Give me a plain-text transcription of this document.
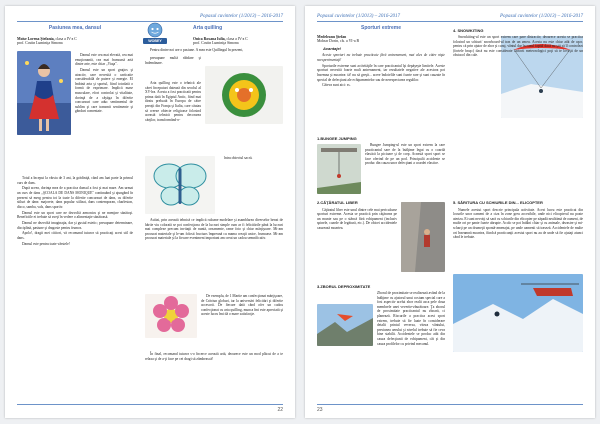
Popasul cuvintelor (1/2013) – 2016-2017
WOBEY
Pasiunea mea, dansul
Moise Lorena Ştefania, clasa a IV-a C
prof. Costin Luminiţa Simona

Dansul este cea mai elevată, cea mai emoţionantă, cea mai frumoasă artă dintre arte, este chiar „Viaţa".

Dansul este un sport graţios şi atractiv, care necesită o carticatie considerabilă de putere şi energie. El îmbină arta şi sportul, fiind totodată o formă de exprimare. Implică mase musculare, efort controlat şi vitalitate, dorinţă de a câştiga în diferite concursuri care aduc sentimentul de sublim şi care transmit sentimente şi gânduri comentate.

Totul a început la vârsta de 3 ani, la grădiniţă, când am luat parte la primul curs de dans.

După aceea, dorinţa mea de a practica dansul a fost şi mai mare. Am urmat un curs de dans „ŞCOALA DE DANS MONIQUE" continuând şi ajungând în prezent să merg pentru tot la toate la diferite concursuri de dans, cu diferite stiluri de dans: majorete, dans popular stilizat, dans contemporan, charleston, disco, samba, vals, dans sportiv.

Dansul este un sport care ne dezvoltă armonios şi ne menţine sănătoşi. Beneficiile ei trebuie să aveţi în vedere o alimentaţie sănătoasă.

Dansul ne dezvoltă imaginaţia, dar şi gustul estetic; presupune determinare, disciplină, pasiune şi dragoste pentru frumos.

Apolo!, dragii mei cititori, vă recomand tuturor să practicaţi acest stil de dans.

Dansul este pentru toate vârstele!

Arta quilling
Onica Roxana Iulia, clasa a IV-a C
prof. Costin Luminiţa Simona

Pentru dintre noi are o pasiune. A mea este Quillingul în prezent,

presupune multă răbdare şi îndemânare.

Arta quilling este o tehnică ale cărei începuturi datează din secolul al XV-lea. Acesta a fost practicată pentru prima dată în Egiptul Antic, fiind mai târziu preluată în Europa de către preoţii din Franţa şi Italia, care căutau să creeze obiecte religioase folosind această tehnică pentru decorarea cărţilor, transformând-o-

întru obiectul sacră.

Astăzi, prin această tehnică ce implică ruloane modelare şi asamblarea diverselor benzi de hârtie viu colorată se pot confecţiona de la lucruri simple cum ar fi felicitările până la lucruri mai complexe precum invitaţii de nuntă, ornamente, rame foto şi chiar mărţişoare. Mi-am procurat materiale şi le-am folosit fructuos împreună cu mama creaţii unice, frumoase. Mi-am procurat materiale şi la fiecare eveniment important am creat un cadou semnificativ.

De exemplu, de 1 Martie am confecţionat mărţişoare, de Crăciun globuri, iar la aniversări felicitări şi diferite accesorii. De fiecare dată când ofer un cadou confecţionat cu arta quilling, munca îmi este apreciată şi aceste lucru îmi dă o mare satisfacţie.

În final, recomand tuturor s-o încerce această artă, deoarece este un mod plăcut de a te relaxa şi de a-ţi face pe cei dragi să zâmbească!

22
Popasul cuvintelor (1/2013) – 2016-2017	Popasul cuvintelor (1/2013) – 2016-2017
Sporturi extreme
Medeleanu Ştefan
Molnar Dorin, cls. a VI-a B
Avantaje!

Aceste sporturi nu trebuie practicate fără antrenament, mai ales de către nişte neexperimentaţi!

Sporturile extreme sunt activităţile în care practicantul îşi depăşeşte limitele. Aceste sporturi necesită foarte mult antrenament, iar rezultatele negative ale acestora pot însemna şi moartea: tă! nu să greşit... acere îndoielile sunt foarte rare şi sunt cauzate în special de defecţiuni ale echipamentelor sau de nerespectarea regulilor.

Câteva sunt aici: ss.

1.BUNGEE JUMPING

Bungee Jumping-ul este un sport extrem la care practicantul sare de la înălţime legat cu o coardă elastică la picioare şi de corp. Această sport sport se face oferind de pe un pod. Principalii accidente se produc din cauza unor defecţiuni a coardei elastice.

2.CĂŢĂRATUL LIBER

Căţăratul liber este unul dintre cele mai periculoase sporturi extreme. Acesta se practică prin căţărarea pe un munte sau pe o stâncă fără echipament (inclusiv spinele, coarde de legătură, etc.). De obicei accidentele cauzează moartea.

3.ZBORUL DEPROXIMITATE

Zborul de proximitate se realizează având de la înălţime cu ajutorul unui costum special care a fost aspectiv acelui zbor realii asca pele doua membrele unei veverite-zburătoare. Ţa zborul de proximitate practicantul nu zboară, ci planează. Riscurile a practica acest sport extrem, trebuie să fie luate în considerare detalii printul veversa, viteza vântului, presiunea aerului şi nivelul trebuie să fie ceva bine stabilit. Accidentele se produc atât din cauza defecţiunii de echipament, cât şi din cauza profilelor cu privind mecanul.

4. SNOWKITING

Snowkiting-ul este un sport extrem care pare distractiv, deoarece acesta se practica folosind un schiuri/ snowboard-ul tras de un zmeu. Acesta nu este chiar atât de uşor, pentru că prin ajutor de zbor şi curaj, vântul dar în cazul faptul dacă nu ştii să îl controlezi (fortele bruşc) dacă nu este considerate factorii meteorologici poţi să te loveşti de un obstacol din cale.

5. SĂRITURA CU SCHIURILE DIN... ELICOPTER

Numele acestui sport descrie principala activitate. Acest lucru este practicat din locurile unor oameni de a ciza în zone greu accesibile, unde nici elicopterul nu poate ateriza. Ei sunt nevoiţi să sară cu schiurile din elicopter pe zăpadă nealitimă de oameni, de multe ori pe pante foarte abrupte. Acolo se pot întâlni chiar şi cu animale, dezastre şi mi-scharţi pe un drumeţii spontă-amenajat, pe unde oamenii să traseză. Accidentele de multe ori înseamnă moartea, fiindcă practicanţii acestui sport nu au de unde să fie ajutaţi atunci când le trebuie.

23
